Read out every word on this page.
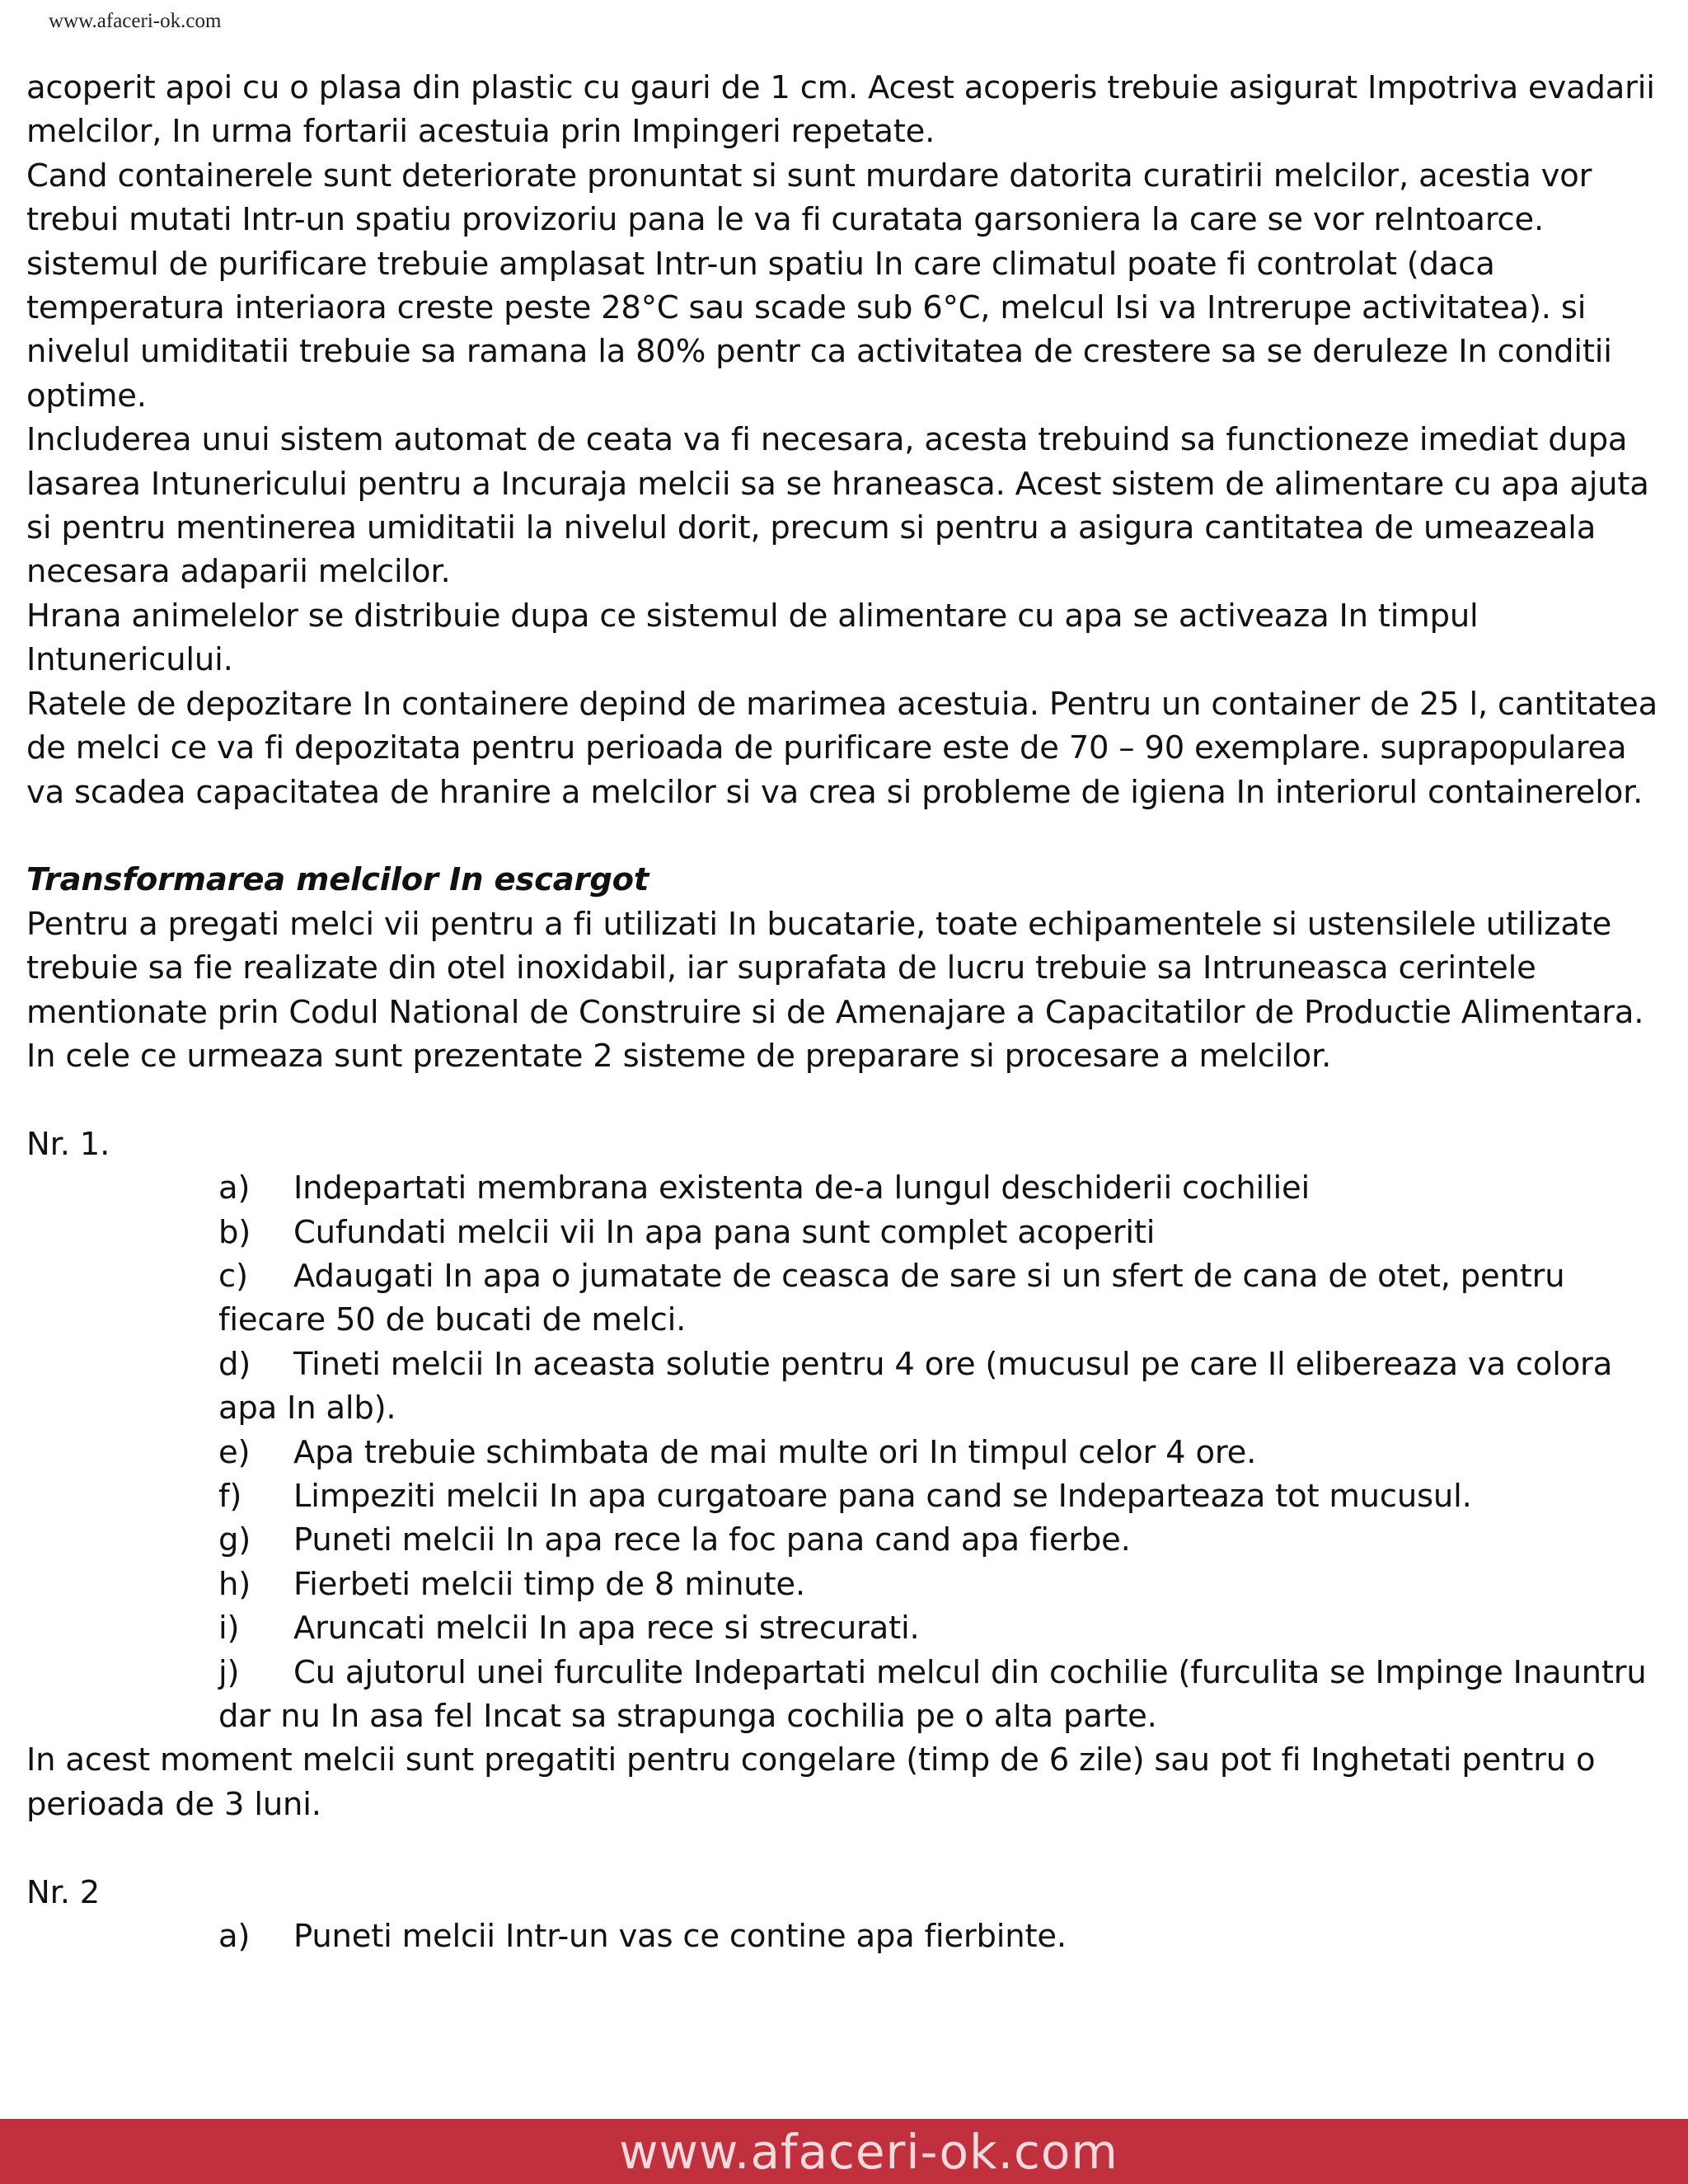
www.afaceri-ok.com

acoperit apoi cu o plasa din plastic cu gauri de 1 cm. Acest acoperis trebuie asigurat Impotriva evadarii melcilor, In urma fortarii acestuia prin Impingeri repetate.

Cand containerele sunt deteriorate pronuntat si sunt murdare datorita curatirii melcilor, acestia vor trebui mutati Intr-un spatiu provizoriu pana le va fi curatata garsoniera la care se vor reIntoarce.

sistemul de purificare trebuie amplasat Intr-un spatiu In care climatul poate fi controlat (daca temperatura interiaora creste peste 28°C sau scade sub 6°C, melcul Isi va Intrerupe activitatea). si nivelul umiditatii trebuie sa ramana la 80% pentr ca activitatea de crestere sa se deruleze In conditii optime.

Includerea unui sistem automat de ceata va fi necesara, acesta trebuind sa functioneze imediat dupa lasarea Intunericului pentru a Incuraja melcii sa se hraneasca. Acest sistem de alimentare cu apa ajuta si pentru mentinerea umiditatii la nivelul dorit, precum si pentru a asigura cantitatea de umeazeala necesara adaparii melcilor.

Hrana animelelor se distribuie dupa ce sistemul de alimentare cu apa se activeaza In timpul Intunericului.

Ratele de depozitare In containere depind de marimea acestuia. Pentru un container de 25 l, cantitatea de melci ce va fi depozitata pentru perioada de purificare este de 70 – 90 exemplare. suprapopularea va scadea capacitatea de hranire a melcilor si va crea si probleme de igiena In interiorul containerelor.

Transformarea melcilor In escargot

Pentru a pregati melci vii pentru a fi utilizati In bucatarie, toate echipamentele si ustensilele utilizate trebuie sa fie realizate din otel inoxidabil, iar suprafata de lucru trebuie sa Intruneasca cerintele mentionate prin Codul National de Construire si de Amenajare a Capacitatilor de Productie Alimentara.

In cele ce urmeaza sunt prezentate 2 sisteme de preparare si procesare a melcilor.

Nr. 1.

a) Indepartati membrana existenta de-a lungul deschiderii cochiliei
b) Cufundati melcii vii In apa pana sunt complet acoperiti
c) Adaugati In apa o jumatate de ceasca de sare si un sfert de cana de otet, pentru fiecare 50 de bucati de melci.
d) Tineti melcii In aceasta solutie pentru 4 ore (mucusul pe care Il elibereaza va colora apa In alb).
e) Apa trebuie schimbata de mai multe ori In timpul celor 4 ore.
f) Limpeziti melcii In apa curgatoare pana cand se Indeparteaza tot mucusul.
g) Puneti melcii In apa rece la foc pana cand apa fierbe.
h) Fierbeti melcii timp de 8 minute.
i) Aruncati melcii In apa rece si strecurati.
j) Cu ajutorul unei furculite Indepartati melcul din cochilie (furculita se Impinge Inauntru dar nu In asa fel Incat sa strapunga cochilia pe o alta parte.

In acest moment melcii sunt pregatiti pentru congelare (timp de 6 zile) sau pot fi Inghetati pentru o perioada de 3 luni.

Nr. 2

a) Puneti melcii Intr-un vas ce contine apa fierbinte.
www.afaceri-ok.com
